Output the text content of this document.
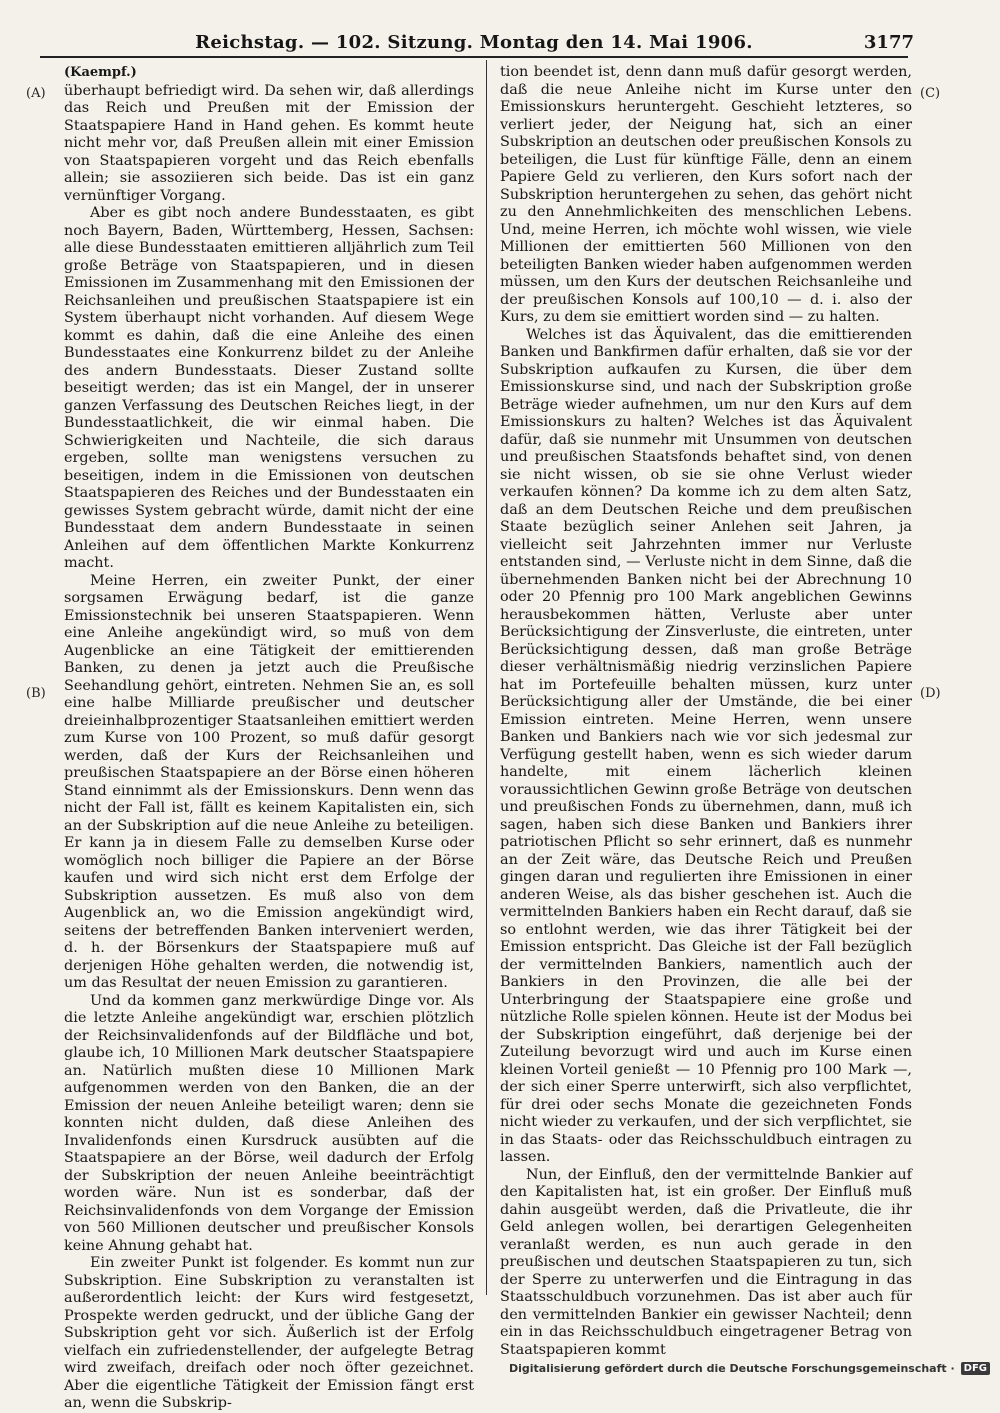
Reichstag. — 102. Sitzung. Montag den 14. Mai 1906.	3177
(A)
(B)
(C)
(D)
(Kaempf.)

überhaupt befriedigt wird. Da sehen wir, daß allerdings das Reich und Preußen mit der Emission der Staatspapiere Hand in Hand gehen. Es kommt heute nicht mehr vor, daß Preußen allein mit einer Emission von Staatspapieren vorgeht und das Reich ebenfalls allein; sie assoziieren sich beide. Das ist ein ganz vernünftiger Vorgang.

Aber es gibt noch andere Bundesstaaten, es gibt noch Bayern, Baden, Württemberg, Hessen, Sachsen: alle diese Bundesstaaten emittieren alljährlich zum Teil große Beträge von Staatspapieren, und in diesen Emissionen im Zusammenhang mit den Emissionen der Reichsanleihen und preußischen Staatspapiere ist ein System überhaupt nicht vorhanden. Auf diesem Wege kommt es dahin, daß die eine Anleihe des einen Bundesstaates eine Konkurrenz bildet zu der Anleihe des andern Bundesstaats. Dieser Zustand sollte beseitigt werden; das ist ein Mangel, der in unserer ganzen Verfassung des Deutschen Reiches liegt, in der Bundesstaatlichkeit, die wir einmal haben. Die Schwierigkeiten und Nachteile, die sich daraus ergeben, sollte man wenigstens versuchen zu beseitigen, indem in die Emissionen von deutschen Staatspapieren des Reiches und der Bundesstaaten ein gewisses System gebracht würde, damit nicht der eine Bundesstaat dem andern Bundesstaate in seinen Anleihen auf dem öffentlichen Markte Konkurrenz macht.

Meine Herren, ein zweiter Punkt, der einer sorgsamen Erwägung bedarf, ist die ganze Emissionstechnik bei unseren Staatspapieren. Wenn eine Anleihe angekündigt wird, so muß von dem Augenblicke an eine Tätigkeit der emittierenden Banken, zu denen ja jetzt auch die Preußische Seehandlung gehört, eintreten. Nehmen Sie an, es soll eine halbe Milliarde preußischer und deutscher dreieinhalbprozentiger Staatsanleihen emittiert werden zum Kurse von 100 Prozent, so muß dafür gesorgt werden, daß der Kurs der Reichsanleihen und preußischen Staatspapiere an der Börse einen höheren Stand einnimmt als der Emissionskurs. Denn wenn das nicht der Fall ist, fällt es keinem Kapitalisten ein, sich an der Subskription auf die neue Anleihe zu beteiligen. Er kann ja in diesem Falle zu demselben Kurse oder womöglich noch billiger die Papiere an der Börse kaufen und wird sich nicht erst dem Erfolge der Subskription aussetzen. Es muß also von dem Augenblick an, wo die Emission angekündigt wird, seitens der betreffenden Banken interveniert werden, d. h. der Börsenkurs der Staatspapiere muß auf derjenigen Höhe gehalten werden, die notwendig ist, um das Resultat der neuen Emission zu garantieren.

Und da kommen ganz merkwürdige Dinge vor. Als die letzte Anleihe angekündigt war, erschien plötzlich der Reichsinvalidenfonds auf der Bildfläche und bot, glaube ich, 10 Millionen Mark deutscher Staatspapiere an. Natürlich mußten diese 10 Millionen Mark aufgenommen werden von den Banken, die an der Emission der neuen Anleihe beteiligt waren; denn sie konnten nicht dulden, daß diese Anleihen des Invalidenfonds einen Kursdruck ausübten auf die Staatspapiere an der Börse, weil dadurch der Erfolg der Subskription der neuen Anleihe beeinträchtigt worden wäre. Nun ist es sonderbar, daß der Reichsinvalidenfonds von dem Vorgange der Emission von 560 Millionen deutscher und preußischer Konsols keine Ahnung gehabt hat.

Ein zweiter Punkt ist folgender. Es kommt nun zur Subskription. Eine Subskription zu veranstalten ist außerordentlich leicht: der Kurs wird festgesetzt, Prospekte werden gedruckt, und der übliche Gang der Subskription geht vor sich. Äußerlich ist der Erfolg vielfach ein zufriedenstellender, der aufgelegte Betrag wird zweifach, dreifach oder noch öfter gezeichnet. Aber die eigentliche Tätigkeit der Emission fängt erst an, wenn die Subskrip-

tion beendet ist, denn dann muß dafür gesorgt werden, daß die neue Anleihe nicht im Kurse unter den Emissionskurs heruntergeht. Geschieht letzteres, so verliert jeder, der Neigung hat, sich an einer Subskription an deutschen oder preußischen Konsols zu beteiligen, die Lust für künftige Fälle, denn an einem Papiere Geld zu verlieren, den Kurs sofort nach der Subskription heruntergehen zu sehen, das gehört nicht zu den Annehmlichkeiten des menschlichen Lebens. Und, meine Herren, ich möchte wohl wissen, wie viele Millionen der emittierten 560 Millionen von den beteiligten Banken wieder haben aufgenommen werden müssen, um den Kurs der deutschen Reichsanleihe und der preußischen Konsols auf 100,10 — d. i. also der Kurs, zu dem sie emittiert worden sind — zu halten.

Welches ist das Äquivalent, das die emittierenden Banken und Bankfirmen dafür erhalten, daß sie vor der Subskription aufkaufen zu Kursen, die über dem Emissionskurse sind, und nach der Subskription große Beträge wieder aufnehmen, um nur den Kurs auf dem Emissionskurs zu halten? Welches ist das Äquivalent dafür, daß sie nunmehr mit Unsummen von deutschen und preußischen Staatsfonds behaftet sind, von denen sie nicht wissen, ob sie sie ohne Verlust wieder verkaufen können? Da komme ich zu dem alten Satz, daß an dem Deutschen Reiche und dem preußischen Staate bezüglich seiner Anlehen seit Jahren, ja vielleicht seit Jahrzehnten immer nur Verluste entstanden sind, — Verluste nicht in dem Sinne, daß die übernehmenden Banken nicht bei der Abrechnung 10 oder 20 Pfennig pro 100 Mark angeblichen Gewinns herausbekommen hätten, Verluste aber unter Berücksichtigung der Zinsverluste, die eintreten, unter Berücksichtigung dessen, daß man große Beträge dieser verhältnismäßig niedrig verzinslichen Papiere hat im Portefeuille behalten müssen, kurz unter Berücksichtigung aller der Umstände, die bei einer Emission eintreten. Meine Herren, wenn unsere Banken und Bankiers nach wie vor sich jedesmal zur Verfügung gestellt haben, wenn es sich wieder darum handelte, mit einem lächerlich kleinen voraussichtlichen Gewinn große Beträge von deutschen und preußischen Fonds zu übernehmen, dann, muß ich sagen, haben sich diese Banken und Bankiers ihrer patriotischen Pflicht so sehr erinnert, daß es nunmehr an der Zeit wäre, das Deutsche Reich und Preußen gingen daran und regulierten ihre Emissionen in einer anderen Weise, als das bisher geschehen ist. Auch die vermittelnden Bankiers haben ein Recht darauf, daß sie so entlohnt werden, wie das ihrer Tätigkeit bei der Emission entspricht. Das Gleiche ist der Fall bezüglich der vermittelnden Bankiers, namentlich auch der Bankiers in den Provinzen, die alle bei der Unterbringung der Staatspapiere eine große und nützliche Rolle spielen können. Heute ist der Modus bei der Subskription eingeführt, daß derjenige bei der Zuteilung bevorzugt wird und auch im Kurse einen kleinen Vorteil genießt — 10 Pfennig pro 100 Mark —, der sich einer Sperre unterwirft, sich also verpflichtet, für drei oder sechs Monate die gezeichneten Fonds nicht wieder zu verkaufen, und der sich verpflichtet, sie in das Staats- oder das Reichsschuldbuch eintragen zu lassen.

Nun, der Einfluß, den der vermittelnde Bankier auf den Kapitalisten hat, ist ein großer. Der Einfluß muß dahin ausgeübt werden, daß die Privatleute, die ihr Geld anlegen wollen, bei derartigen Gelegenheiten veranlaßt werden, es nun auch gerade in den preußischen und deutschen Staatspapieren zu tun, sich der Sperre zu unterwerfen und die Eintragung in das Staatsschuldbuch vorzunehmen. Das ist aber auch für den vermittelnden Bankier ein gewisser Nachteil; denn ein in das Reichsschuldbuch eingetragener Betrag von Staatspapieren kommt

Digitalisierung gefördert durch die Deutsche Forschungsgemeinschaft · DFG
